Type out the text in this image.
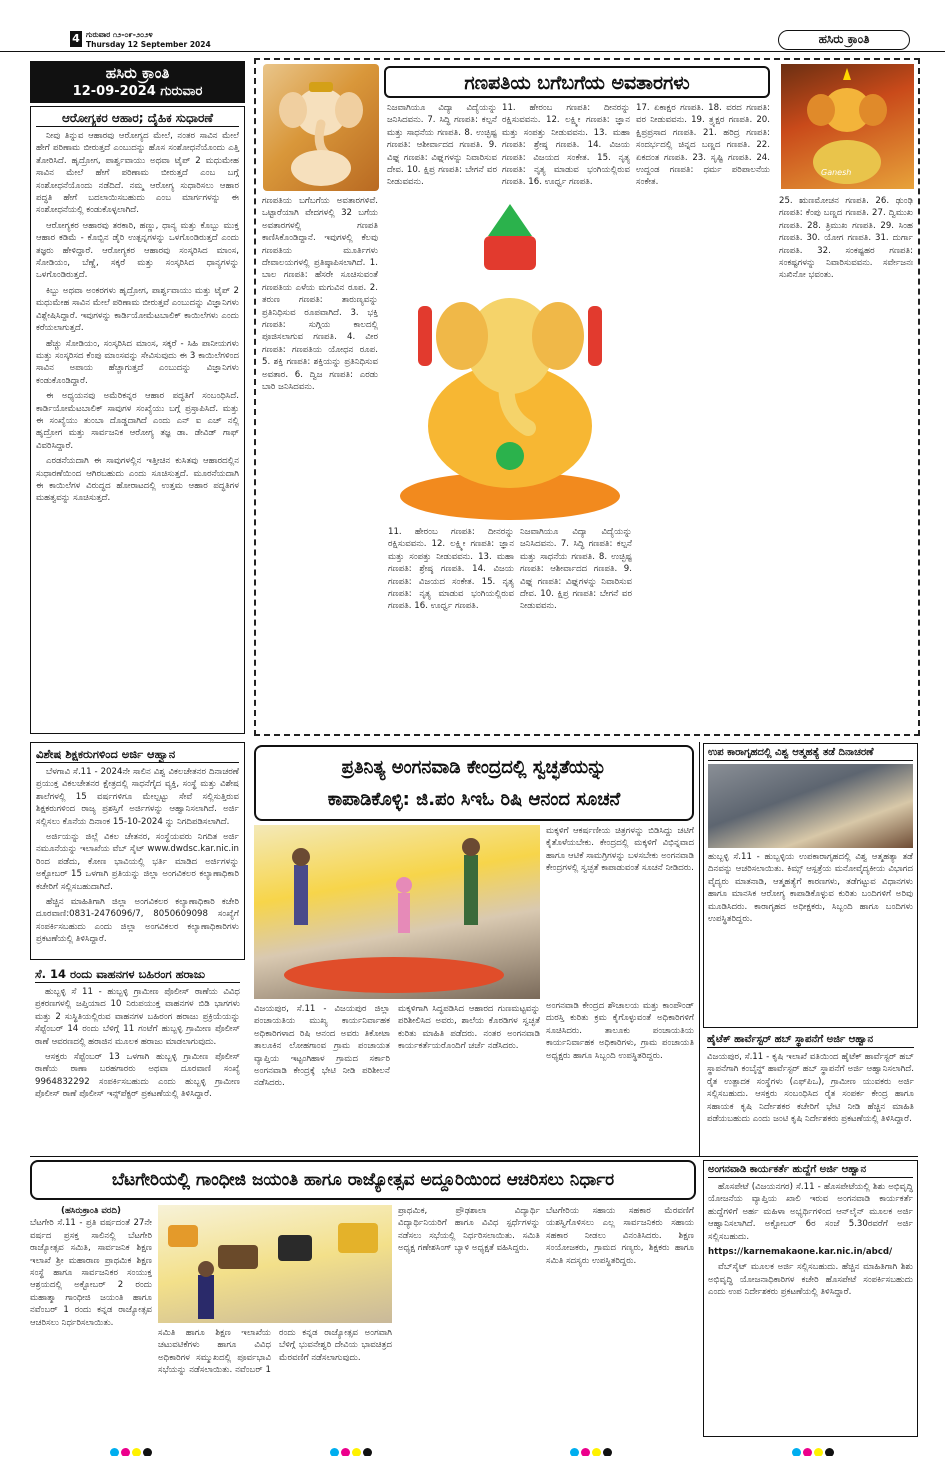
4 ಗುರುವಾರ ೧೨-೦೯-೨೦೨೪
Thursday 12 September 2024	ಹಸಿರು ಕ್ರಾಂತಿ
ಹಸಿರು ಕ್ರಾಂತಿ
12-09-2024 ಗುರುವಾರ
ಆರೋಗ್ಯಕರ ಆಹಾರ; ದೈಹಿಕ ಸುಧಾರಣೆ

ನೀವು ತಿನ್ನುವ ಆಹಾರವು ಆರೋಗ್ಯದ ಮೇಲೆ, ನಂತರ ಸಾವಿನ ಮೇಲೆ ಹೇಗೆ ಪರಿಣಾಮ ಬೀರುತ್ತದೆ ಎಂಬುದನ್ನು ಹೊಸ ಸಂಶೋಧನೆಯೊಂದು ಎತ್ತಿ ತೋರಿಸಿದೆ. ಹೃದ್ರೋಗ, ಪಾರ್ಶ್ವವಾಯು ಅಥವಾ ಟೈಪ್ 2 ಮಧುಮೇಹ ಸಾವಿನ ಮೇಲೆ ಹೇಗೆ ಪರಿಣಾಮ ಬೀರುತ್ತದೆ ಎಂಬ ಬಗ್ಗೆ ಸಂಶೋಧನೆಯೊಂದು ನಡೆದಿದೆ. ನಮ್ಮ ಆರೋಗ್ಯ ಸುಧಾರಿಸಲು ಆಹಾರ ಪದ್ಧತಿ ಹೇಗೆ ಬದಲಾಯಿಸಬಹುದು ಎಂಬ ಮಾರ್ಗಗಳನ್ನು ಈ ಸಂಶೋಧನೆಯಲ್ಲಿ ಕಂಡುಕೊಳ್ಳಲಾಗಿದೆ.

ಆರೋಗ್ಯಕರ ಆಹಾರವು ತರಕಾರಿ, ಹಣ್ಣು, ಧಾನ್ಯ ಮತ್ತು ಕೊಬ್ಬು ಮುಕ್ತ ಆಹಾರ ಕಡಿಮೆ - ಕೊಬ್ಬಿನ ಡೈರಿ ಉತ್ಪನ್ನಗಳನ್ನು ಒಳಗೊಂಡಿರುತ್ತದೆ ಎಂದು ತಜ್ಞರು ಹೇಳಿದ್ದಾರೆ. ಆರೋಗ್ಯಕರ ಆಹಾರವು ಸಂಸ್ಕರಿಸಿದ ಮಾಂಸ, ಸೋಡಿಯಂ, ಬೆಣ್ಣೆ, ಸಕ್ಕರೆ ಮತ್ತು ಸಂಸ್ಕರಿಸಿದ ಧಾನ್ಯಗಳನ್ನು ಒಳಗೊಂಡಿರುತ್ತದೆ.

ಕಿಬ್ಬು ಅಥವಾ ಅಂಕರಗಳು ಹೃದ್ರೋಗ, ಪಾರ್ಶ್ವವಾಯು ಮತ್ತು ಟೈಪ್ 2 ಮಧುಮೇಹ ಸಾವಿನ ಮೇಲೆ ಪರಿಣಾಮ ಬೀರುತ್ತವೆ ಎಂಬುದನ್ನು ವಿಜ್ಞಾನಿಗಳು ವಿಶ್ಲೇಷಿಸಿದ್ದಾರೆ. ಇವುಗಳನ್ನು ಕಾರ್ಡಿಯೋಮೆಟಬಾಲಿಕ್ ಕಾಯಿಲೆಗಳು ಎಂದು ಕರೆಯಲಾಗುತ್ತದೆ.

ಹೆಚ್ಚು ಸೋಡಿಯಂ, ಸಂಸ್ಕರಿಸಿದ ಮಾಂಸ, ಸಕ್ಕರೆ - ಸಿಹಿ ಪಾನೀಯಗಳು ಮತ್ತು ಸಂಸ್ಕರಿಸದ ಕೆಂಪು ಮಾಂಸವನ್ನು ಸೇವಿಸುವುದು ಈ 3 ಕಾಯಿಲೆಗಳಿಂದ ಸಾವಿನ ಅಪಾಯ ಹೆಚ್ಚಾಗುತ್ತದೆ ಎಂಬುದನ್ನು ವಿಜ್ಞಾನಿಗಳು ಕಂಡುಕೊಂಡಿದ್ದಾರೆ.

ಈ ಅಧ್ಯಯನವು ಅಮೆರಿಕನ್ನರ ಆಹಾರ ಪದ್ಧತಿಗೆ ಸಂಬಂಧಿಸಿದೆ. ಕಾರ್ಡಿಯೋಮೆಟಬಾಲಿಕ್ ಸಾವುಗಳ ಸಂಖ್ಯೆಯು ಬಗ್ಗೆ ಪ್ರಸ್ತಾಪಿಸಿದೆ. ಮತ್ತು ಈ ಸಂಖ್ಯೆಯು ತುಂಬಾ ದೊಡ್ಡದಾಗಿದೆ ಎಂದು ಎನ್ ಐ ಎಚ್ ನಲ್ಲಿ ಹೃದ್ರೋಗ ಮತ್ತು ಸಾರ್ವಜನಿಕ ಆರೋಗ್ಯ ತಜ್ಞ ಡಾ. ಡೇವಿಡ್ ಗಾಫ್ ವಿವರಿಸಿದ್ದಾರೆ.

ಎರಡನೆಯದಾಗಿ ಈ ಸಾವುಗಳಲ್ಲಿನ ಇತ್ತೀಚಿನ ಕುಸಿತವು ಆಹಾರದಲ್ಲಿನ ಸುಧಾರಣೆಯಿಂದ ಆಗಿರಬಹುದು ಎಂದು ಸೂಚಿಸುತ್ತದೆ. ಮೂರನೆಯದಾಗಿ ಈ ಕಾಯಿಲೆಗಳ ವಿರುದ್ಧದ ಹೋರಾಟದಲ್ಲಿ ಉತ್ತಮ ಆಹಾರ ಪದ್ಧತಿಗಳ ಮಹತ್ವವನ್ನು ಸೂಚಿಸುತ್ತದೆ.

ಗಣಪತಿಯ ಬಗೆಬಗೆಯ ಅವತಾರಗಳು
Ganesh
ಗಣಪತಿಯ ಬಗೆಬಗೆಯ ಅವತಾರಗಳಿವೆ. ಒಟ್ಟಾರೆಯಾಗಿ ವೇದಗಳಲ್ಲಿ 32 ಬಗೆಯ ಅವತಾರಗಳಲ್ಲಿ ಗಣಪತಿ ಕಾಣಿಸಿಕೊಂಡಿದ್ದಾನೆ. ಇವುಗಳಲ್ಲಿ ಕೆಲವು ಗಣಪತಿಯ ಮೂರ್ತಿಗಳು ದೇವಾಲಯಗಳಲ್ಲಿ ಪ್ರತಿಷ್ಠಾಪಿಸಲಾಗಿದೆ. 1. ಬಾಲ ಗಣಪತಿ: ಹೆಸರೇ ಸೂಚಿಸುವಂತೆ ಗಣಪತಿಯ ಎಳೆಯ ಮಗುವಿನ ರೂಪ. 2. ತರುಣ ಗಣಪತಿ: ತಾರುಣ್ಯವನ್ನು ಪ್ರತಿನಿಧಿಸುವ ರೂಪವಾಗಿದೆ. 3. ಭಕ್ತಿ ಗಣಪತಿ: ಸುಗ್ಗಿಯ ಕಾಲದಲ್ಲಿ ಪೂಜಿಸಲಾಗುವ ಗಣಪತಿ. 4. ವೀರ ಗಣಪತಿ: ಗಣಪತಿಯ ಯೋಧನ ರೂಪ. 5. ಶಕ್ತಿ ಗಣಪತಿ: ಶಕ್ತಿಯನ್ನು ಪ್ರತಿನಿಧಿಸುವ ಅವತಾರ. 6. ದ್ವಿಜ ಗಣಪತಿ: ಎರಡು ಬಾರಿ ಜನಿಸಿದವನು.
ನಿಜವಾಗಿಯೂ ವಿದ್ಯಾ ವಿದ್ಯೆಯನ್ನು ಜನಿಸಿದವನು. 7. ಸಿದ್ಧಿ ಗಣಪತಿ: ಕಲ್ಪನೆ ಮತ್ತು ಸಾಧನೆಯ ಗಣಪತಿ. 8. ಉಚ್ಛಿಷ್ಟ ಗಣಪತಿ: ಆಶೀರ್ವಾದದ ಗಣಪತಿ. 9. ವಿಘ್ನ ಗಣಪತಿ: ವಿಘ್ನಗಳನ್ನು ನಿವಾರಿಸುವ ದೇವ. 10. ಕ್ಷಿಪ್ರ ಗಣಪತಿ: ಬೇಗನೆ ವರ ನೀಡುವವನು.
11. ಹೇರಂಬ ಗಣಪತಿ: ದೀನರನ್ನು ರಕ್ಷಿಸುವವನು. 12. ಲಕ್ಷ್ಮೀ ಗಣಪತಿ: ಜ್ಞಾನ ಮತ್ತು ಸಂಪತ್ತು ನೀಡುವವನು. 13. ಮಹಾ ಗಣಪತಿ: ಶ್ರೇಷ್ಠ ಗಣಪತಿ. 14. ವಿಜಯ ಗಣಪತಿ: ವಿಜಯದ ಸಂಕೇತ. 15. ನೃತ್ಯ ಗಣಪತಿ: ನೃತ್ಯ ಮಾಡುವ ಭಂಗಿಯಲ್ಲಿರುವ ಗಣಪತಿ. 16. ಊರ್ಧ್ವ ಗಣಪತಿ.
17. ಏಕಾಕ್ಷರ ಗಣಪತಿ. 18. ವರದ ಗಣಪತಿ: ವರ ನೀಡುವವನು. 19. ತ್ರ್ಯಕ್ಷರ ಗಣಪತಿ. 20. ಕ್ಷಿಪ್ರಪ್ರಸಾದ ಗಣಪತಿ. 21. ಹರಿದ್ರ ಗಣಪತಿ: ಸಂದರ್ಭದಲ್ಲಿ ಚಿನ್ನದ ಬಣ್ಣದ ಗಣಪತಿ. 22. ಏಕದಂತ ಗಣಪತಿ. 23. ಸೃಷ್ಟಿ ಗಣಪತಿ. 24. ಉದ್ದಂಡ ಗಣಪತಿ: ಧರ್ಮ ಪರಿಪಾಲನೆಯ ಸಂಕೇತ.
25. ಋಣಮೋಚನ ಗಣಪತಿ. 26. ಢುಂಢಿ ಗಣಪತಿ: ಕೆಂಪು ಬಣ್ಣದ ಗಣಪತಿ. 27. ದ್ವಿಮುಖ ಗಣಪತಿ. 28. ತ್ರಿಮುಖ ಗಣಪತಿ. 29. ಸಿಂಹ ಗಣಪತಿ. 30. ಯೋಗ ಗಣಪತಿ. 31. ದುರ್ಗಾ ಗಣಪತಿ. 32. ಸಂಕಷ್ಟಹರ ಗಣಪತಿ: ಸಂಕಷ್ಟಗಳನ್ನು ನಿವಾರಿಸುವವನು. ಸರ್ವೇಜನಃ ಸುಖಿನೋ ಭವಂತು.
11. ಹೇರಂಬ ಗಣಪತಿ: ದೀನರನ್ನು ರಕ್ಷಿಸುವವನು. 12. ಲಕ್ಷ್ಮೀ ಗಣಪತಿ: ಜ್ಞಾನ ಮತ್ತು ಸಂಪತ್ತು ನೀಡುವವನು. 13. ಮಹಾ ಗಣಪತಿ: ಶ್ರೇಷ್ಠ ಗಣಪತಿ. 14. ವಿಜಯ ಗಣಪತಿ: ವಿಜಯದ ಸಂಕೇತ. 15. ನೃತ್ಯ ಗಣಪತಿ: ನೃತ್ಯ ಮಾಡುವ ಭಂಗಿಯಲ್ಲಿರುವ ಗಣಪತಿ. 16. ಊರ್ಧ್ವ ಗಣಪತಿ.
ನಿಜವಾಗಿಯೂ ವಿದ್ಯಾ ವಿದ್ಯೆಯನ್ನು ಜನಿಸಿದವನು. 7. ಸಿದ್ಧಿ ಗಣಪತಿ: ಕಲ್ಪನೆ ಮತ್ತು ಸಾಧನೆಯ ಗಣಪತಿ. 8. ಉಚ್ಛಿಷ್ಟ ಗಣಪತಿ: ಆಶೀರ್ವಾದದ ಗಣಪತಿ. 9. ವಿಘ್ನ ಗಣಪತಿ: ವಿಘ್ನಗಳನ್ನು ನಿವಾರಿಸುವ ದೇವ. 10. ಕ್ಷಿಪ್ರ ಗಣಪತಿ: ಬೇಗನೆ ವರ ನೀಡುವವನು.
ವಿಶೇಷ ಶಿಕ್ಷಕರುಗಳಿಂದ ಅರ್ಜಿ ಆಹ್ವಾನ

ಬೆಳಗಾವಿ ಸೆ.11 - 2024ನೇ ಸಾಲಿನ ವಿಶ್ವ ವಿಕಲಚೇತನರ ದಿನಾಚರಣೆ ಪ್ರಯುಕ್ತ ವಿಕಲಚೇತನರ ಕ್ಷೇತ್ರದಲ್ಲಿ ಸಾಧನೆಗೈದ ವ್ಯಕ್ತಿ, ಸಂಸ್ಥೆ ಮತ್ತು ವಿಶೇಷ ಶಾಲೆಗಳಲ್ಲಿ 15 ವರ್ಷಗಳಿಗೂ ಮೇಲ್ಪಟ್ಟು ಸೇವೆ ಸಲ್ಲಿಸುತ್ತಿರುವ ಶಿಕ್ಷಕರುಗಳಿಂದ ರಾಜ್ಯ ಪ್ರಶಸ್ತಿಗೆ ಅರ್ಜಿಗಳನ್ನು ಆಹ್ವಾನಿಸಲಾಗಿದೆ. ಅರ್ಜಿ ಸಲ್ಲಿಸಲು ಕೊನೆಯ ದಿನಾಂಕ 15-10-2024 ನ್ನು ನಿಗದಿಪಡಿಸಲಾಗಿದೆ.

ಅರ್ಜಿಯನ್ನು ಜಿಲ್ಲೆ ವಿಕಲ ಚೇತನರ, ಸಂಸ್ಥೆಯವರು ನಿಗದಿತ ಅರ್ಜಿ ನಮೂನೆಯನ್ನು ಇಲಾಖೆಯ ವೆಬ್ ಸೈಟ್ www.dwdsc.kar.nic.in ರಿಂದ ಪಡೆದು, ಕೋಣ ಭಾವಿಯಲ್ಲಿ ಭರ್ತಿ ಮಾಡಿದ ಅರ್ಜಿಗಳನ್ನು ಅಕ್ಟೋಬರ್ 15 ಒಳಗಾಗಿ ಪ್ರತಿಯನ್ನು ಜಿಲ್ಲಾ ಅಂಗವಿಕಲರ ಕಲ್ಯಾಣಾಧಿಕಾರಿ ಕಚೇರಿಗೆ ಸಲ್ಲಿಸಬಹುದಾಗಿದೆ.

ಹೆಚ್ಚಿನ ಮಾಹಿತಿಗಾಗಿ ಜಿಲ್ಲಾ ಅಂಗವಿಕಲರ ಕಲ್ಯಾಣಾಧಿಕಾರಿ ಕಚೇರಿ ದೂರವಾಣಿ:0831-2476096/7, 8050609098 ಸಂಖ್ಯೆಗೆ ಸಂಪರ್ಕಿಸಬಹುದು ಎಂದು ಜಿಲ್ಲಾ ಅಂಗವಿಕಲರ ಕಲ್ಯಾಣಾಧಿಕಾರಿಗಳು ಪ್ರಕಟಣೆಯಲ್ಲಿ ತಿಳಿಸಿದ್ದಾರೆ.

ಸೆ. 14 ರಂದು ವಾಹನಗಳ ಬಹಿರಂಗ ಹರಾಜು

ಹುಬ್ಬಳ್ಳಿ ಸೆ 11 - ಹುಬ್ಬಳ್ಳಿ ಗ್ರಾಮೀಣ ಪೊಲೀಸ್ ಠಾಣೆಯ ವಿವಿಧ ಪ್ರಕರಣಗಳಲ್ಲಿ ಜಪ್ತಿಯಾದ 10 ನಿರುಪಯುಕ್ತ ವಾಹನಗಳ ಬಿಡಿ ಭಾಗಗಳು ಮತ್ತು 2 ಸುಸ್ಥಿತಿಯಲ್ಲಿರುವ ವಾಹನಗಳ ಬಹಿರಂಗ ಹರಾಜು ಪ್ರಕ್ರಿಯೆಯನ್ನು ಸೆಪ್ಟೆಂಬರ್ 14 ರಂದು ಬೆಳಿಗ್ಗೆ 11 ಗಂಟೆಗೆ ಹುಬ್ಬಳ್ಳಿ ಗ್ರಾಮೀಣ ಪೊಲೀಸ್ ಠಾಣೆ ಆವರಣದಲ್ಲಿ ಹರಾಜಿನ ಮೂಲಕ ಹರಾಜು ಮಾಡಲಾಗುವುದು.

ಆಸಕ್ತರು ಸೆಪ್ಟೆಂಬರ್ 13 ಒಳಗಾಗಿ ಹುಬ್ಬಳ್ಳಿ ಗ್ರಾಮೀಣ ಪೊಲೀಸ್ ಠಾಣೆಯ ಠಾಣಾ ಬರಹಗಾರರು ಅಥವಾ ದೂರವಾಣಿ ಸಂಖ್ಯೆ 9964832292 ಸಂಪರ್ಕಿಸಬಹುದು ಎಂದು ಹುಬ್ಬಳ್ಳಿ ಗ್ರಾಮೀಣ ಪೊಲೀಸ್ ಠಾಣೆ ಪೊಲೀಸ್ ಇನ್ಸ್‌ಪೆಕ್ಟರ್ ಪ್ರಕಟಣೆಯಲ್ಲಿ ತಿಳಿಸಿದ್ದಾರೆ.

ಪ್ರತಿನಿತ್ಯ ಅಂಗನವಾಡಿ ಕೇಂದ್ರದಲ್ಲಿ ಸ್ವಚ್ಛತೆಯನ್ನು
ಕಾಪಾಡಿಕೊಳ್ಳಿ: ಜಿ.ಪಂ ಸಿಇಓ ರಿಷಿ ಆನಂದ ಸೂಚನೆ
ಮಕ್ಕಳಿಗೆ ಆಕರ್ಷಣೀಯ ಚಿತ್ರಗಳನ್ನು ಬಿಡಿಸಿದ್ದು ಚಟಿಗೆ ಕೈತೊಳೆಯಬೇಕು. ಕೇಂದ್ರದಲ್ಲಿ ಮಕ್ಕಳಿಗೆ ವಿಭಿನ್ನವಾದ ಹಾಗೂ ಆಟಿಕೆ ಸಾಮಗ್ರಿಗಳನ್ನು ಬಳಸಬೇಕು ಅಂಗನವಾಡಿ ಕೇಂದ್ರಗಳಲ್ಲಿ ಸ್ವಚ್ಛತೆ ಕಾಪಾಡುವಂತೆ ಸೂಚನೆ ನೀಡಿದರು.
ವಿಜಯಪುರ, ಸೆ.11 - ವಿಜಯಪುರ ಜಿಲ್ಲಾ ಪಂಚಾಯತಿಯ ಮುಖ್ಯ ಕಾರ್ಯನಿರ್ವಾಹಕ ಅಧಿಕಾರಿಗಳಾದ ರಿಷಿ ಆನಂದ ಅವರು ತಿಕೋಟಾ ತಾಲೂಕಿನ ಲೋಹಗಾಂವ ಗ್ರಾಮ ಪಂಚಾಯತ ವ್ಯಾಪ್ತಿಯ ಇಟ್ಟಂಗಿಹಾಳ ಗ್ರಾಮದ ಸರ್ಕಾರಿ ಅಂಗನವಾಡಿ ಕೇಂದ್ರಕ್ಕೆ ಭೇಟಿ ನೀಡಿ ಪರಿಶೀಲನೆ ನಡೆಸಿದರು.
ಮಕ್ಕಳಿಗಾಗಿ ಸಿದ್ಧಪಡಿಸಿದ ಆಹಾರದ ಗುಣಮಟ್ಟವನ್ನು ಪರಿಶೀಲಿಸಿದ ಅವರು, ಶಾಲೆಯ ಕೊಠಡಿಗಳ ಸ್ವಚ್ಛತೆ ಕುರಿತು ಮಾಹಿತಿ ಪಡೆದರು. ನಂತರ ಅಂಗನವಾಡಿ ಕಾರ್ಯಕರ್ತೆಯರೊಂದಿಗೆ ಚರ್ಚೆ ನಡೆಸಿದರು.
ಅಂಗನವಾಡಿ ಕೇಂದ್ರದ ಶೌಚಾಲಯ ಮತ್ತು ಕಾಂಪೌಂಡ್ ದುರಸ್ತಿ ಕುರಿತು ಕ್ರಮ ಕೈಗೊಳ್ಳುವಂತೆ ಅಧಿಕಾರಿಗಳಿಗೆ ಸೂಚಿಸಿದರು. ತಾಲೂಕು ಪಂಚಾಯತಿಯ ಕಾರ್ಯನಿರ್ವಾಹಕ ಅಧಿಕಾರಿಗಳು, ಗ್ರಾಮ ಪಂಚಾಯತಿ ಅಧ್ಯಕ್ಷರು ಹಾಗೂ ಸಿಬ್ಬಂದಿ ಉಪಸ್ಥಿತರಿದ್ದರು.
ಉಪ ಕಾರಾಗೃಹದಲ್ಲಿ ವಿಶ್ವ ಆತ್ಮಹತ್ಯೆ ತಡೆ ದಿನಾಚರಣೆ
ಹುಬ್ಬಳ್ಳಿ ಸೆ.11 - ಹುಬ್ಬಳ್ಳಿಯ ಉಪಕಾರಾಗೃಹದಲ್ಲಿ ವಿಶ್ವ ಆತ್ಮಹತ್ಯಾ ತಡೆ ದಿನವನ್ನು ಆಚರಿಸಲಾಯಿತು. ಕಿಮ್ಸ್ ಆಸ್ಪತ್ರೆಯ ಮನೋವೈದ್ಯಕೀಯ ವಿಭಾಗದ ವೈದ್ಯರು ಮಾತನಾಡಿ, ಆತ್ಮಹತ್ಯೆಗೆ ಕಾರಣಗಳು, ತಡೆಗಟ್ಟುವ ವಿಧಾನಗಳು ಹಾಗೂ ಮಾನಸಿಕ ಆರೋಗ್ಯ ಕಾಪಾಡಿಕೊಳ್ಳುವ ಕುರಿತು ಬಂದಿಗಳಿಗೆ ಅರಿವು ಮೂಡಿಸಿದರು. ಕಾರಾಗೃಹದ ಅಧೀಕ್ಷಕರು, ಸಿಬ್ಬಂದಿ ಹಾಗೂ ಬಂದಿಗಳು ಉಪಸ್ಥಿತರಿದ್ದರು.
ಹೈಟೆಕ್ ಹಾರ್ವೆಸ್ಟರ್ ಹಬ್ ಸ್ಥಾಪನೆಗೆ ಅರ್ಜಿ ಆಹ್ವಾನ
ವಿಜಯಪುರ, ಸೆ.11 - ಕೃಷಿ ಇಲಾಖೆ ವತಿಯಿಂದ ಹೈಟೆಕ್ ಹಾರ್ವೆಸ್ಟರ್ ಹಬ್ ಸ್ಥಾಪನೆಗಾಗಿ ಕಂಬೈನ್ಡ್ ಹಾರ್ವೆಸ್ಟರ್ ಹಬ್ ಸ್ಥಾಪನೆಗೆ ಅರ್ಜಿ ಆಹ್ವಾನಿಸಲಾಗಿದೆ. ರೈತ ಉತ್ಪಾದಕ ಸಂಸ್ಥೆಗಳು (ಎಫ್‌ಪಿಒ), ಗ್ರಾಮೀಣ ಯುವಕರು ಅರ್ಜಿ ಸಲ್ಲಿಸಬಹುದು. ಆಸಕ್ತರು ಸಂಬಂಧಿಸಿದ ರೈತ ಸಂಪರ್ಕ ಕೇಂದ್ರ ಹಾಗೂ ಸಹಾಯಕ ಕೃಷಿ ನಿರ್ದೇಶಕರ ಕಚೇರಿಗೆ ಭೇಟಿ ನೀಡಿ ಹೆಚ್ಚಿನ ಮಾಹಿತಿ ಪಡೆಯಬಹುದು ಎಂದು ಜಂಟಿ ಕೃಷಿ ನಿರ್ದೇಶಕರು ಪ್ರಕಟಣೆಯಲ್ಲಿ ತಿಳಿಸಿದ್ದಾರೆ.
ಬೆಟಗೇರಿಯಲ್ಲಿ ಗಾಂಧೀಜಿ ಜಯಂತಿ ಹಾಗೂ ರಾಜ್ಯೋತ್ಸವ ಅದ್ದೂರಿಯಿಂದ ಆಚರಿಸಲು ನಿರ್ಧಾರ
(ಹಸಿರುಕ್ರಾಂತಿ ವರದಿ)
ಬೆಟಗೇರಿ ಸೆ.11 - ಪ್ರತಿ ವರ್ಷದಂತೆ 27ನೇ ವರ್ಷದ ಪ್ರಸಕ್ತ ಸಾಲಿನಲ್ಲಿ ಬೆಟಗೇರಿ ರಾಜ್ಯೋತ್ಸವ ಸಮಿತಿ, ಸಾರ್ವಜನಿಕ ಶಿಕ್ಷಣ ಇಲಾಖೆ ಶ್ರೀ ಮಹಾರಾಣ ಪ್ರಾಥಮಿಕ ಶಿಕ್ಷಣ ಸಂಸ್ಥೆ ಹಾಗೂ ಸಾರ್ವಜನಿಕರ ಸಂಯುಕ್ತ ಆಶ್ರಯದಲ್ಲಿ ಅಕ್ಟೋಬರ್ 2 ರಂದು ಮಹಾತ್ಮಾ ಗಾಂಧೀಜಿ ಜಯಂತಿ ಹಾಗೂ ನವೆಂಬರ್ 1 ರಂದು ಕನ್ನಡ ರಾಜ್ಯೋತ್ಸವ ಆಚರಿಸಲು ನಿರ್ಧರಿಸಲಾಯಿತು.
ಸಮಿತಿ ಹಾಗೂ ಶಿಕ್ಷಣ ಇಲಾಖೆಯ ಚಟುವಟಿಕೆಗಳು ಹಾಗೂ ವಿವಿಧ ಅಧಿಕಾರಿಗಳ ಸಮ್ಮುಖದಲ್ಲಿ ಪೂರ್ವಭಾವಿ ಸಭೆಯನ್ನು ನಡೆಸಲಾಯಿತು. ನವೆಂಬರ್ 1 ರಂದು ಕನ್ನಡ ರಾಜ್ಯೋತ್ಸವ ಅಂಗವಾಗಿ ಬೆಳಿಗ್ಗೆ ಭುವನೇಶ್ವರಿ ದೇವಿಯ ಭಾವಚಿತ್ರದ ಮೆರವಣಿಗೆ ನಡೆಸಲಾಗುವುದು.
ಪ್ರಾಥಮಿಕ, ಪ್ರೌಢಶಾಲಾ ವಿದ್ಯಾರ್ಥಿ ವಿದ್ಯಾರ್ಥಿನಿಯರಿಗೆ ಹಾಗೂ ವಿವಿಧ ಸ್ಪರ್ಧೆಗಳನ್ನು ನಡೆಸಲು ಸಭೆಯಲ್ಲಿ ನಿರ್ಧರಿಸಲಾಯಿತು. ಸಮಿತಿ ಅಧ್ಯಕ್ಷ ಗಣೇಶಸಿಂಗ್ ಬ್ಯಾಳಿ ಅಧ್ಯಕ್ಷತೆ ವಹಿಸಿದ್ದರು.
ಬೆಟಗೇರಿಯ ಸಹಾಯ ಸಹಕಾರ ಮೆರವಣಿಗೆ ಯಶಸ್ವಿಗೊಳಿಸಲು ಎಲ್ಲ ಸಾರ್ವಜನಿಕರು ಸಹಾಯ ಸಹಕಾರ ನೀಡಲು ವಿನಂತಿಸಿದರು. ಶಿಕ್ಷಣ ಸಂಯೋಜಕರು, ಗ್ರಾಮದ ಗಣ್ಯರು, ಶಿಕ್ಷಕರು ಹಾಗೂ ಸಮಿತಿ ಸದಸ್ಯರು ಉಪಸ್ಥಿತರಿದ್ದರು.
ಅಂಗನವಾಡಿ ಕಾರ್ಯಕರ್ತೆ ಹುದ್ದೆಗೆ ಅರ್ಜಿ ಆಹ್ವಾನ

ಹೊಸಪೇಟೆ (ವಿಜಯನಗರ) ಸೆ.11 - ಹೊಸಪೇಟೆಯಲ್ಲಿ ಶಿಶು ಅಭಿವೃದ್ಧಿ ಯೋಜನೆಯ ವ್ಯಾಪ್ತಿಯ ಖಾಲಿ ಇರುವ ಅಂಗನವಾಡಿ ಕಾರ್ಯಕರ್ತೆ ಹುದ್ದೆಗಳಿಗೆ ಅರ್ಹ ಮಹಿಳಾ ಅಭ್ಯರ್ಥಿಗಳಿಂದ ಆನ್‌ಲೈನ್ ಮೂಲಕ ಅರ್ಜಿ ಆಹ್ವಾನಿಸಲಾಗಿದೆ. ಅಕ್ಟೋಬರ್ 6ರ ಸಂಜೆ 5.30ರವರೆಗೆ ಅರ್ಜಿ ಸಲ್ಲಿಸಬಹುದು.

https://karnemakaone.kar.nic.in/abcd/

ವೆಬ್‌ಸೈಟ್ ಮೂಲಕ ಅರ್ಜಿ ಸಲ್ಲಿಸಬಹುದು. ಹೆಚ್ಚಿನ ಮಾಹಿತಿಗಾಗಿ ಶಿಶು ಅಭಿವೃದ್ಧಿ ಯೋಜನಾಧಿಕಾರಿಗಳ ಕಚೇರಿ ಹೊಸಪೇಟೆ ಸಂಪರ್ಕಿಸಬಹುದು ಎಂದು ಉಪ ನಿರ್ದೇಶಕರು ಪ್ರಕಟಣೆಯಲ್ಲಿ ತಿಳಿಸಿದ್ದಾರೆ.
